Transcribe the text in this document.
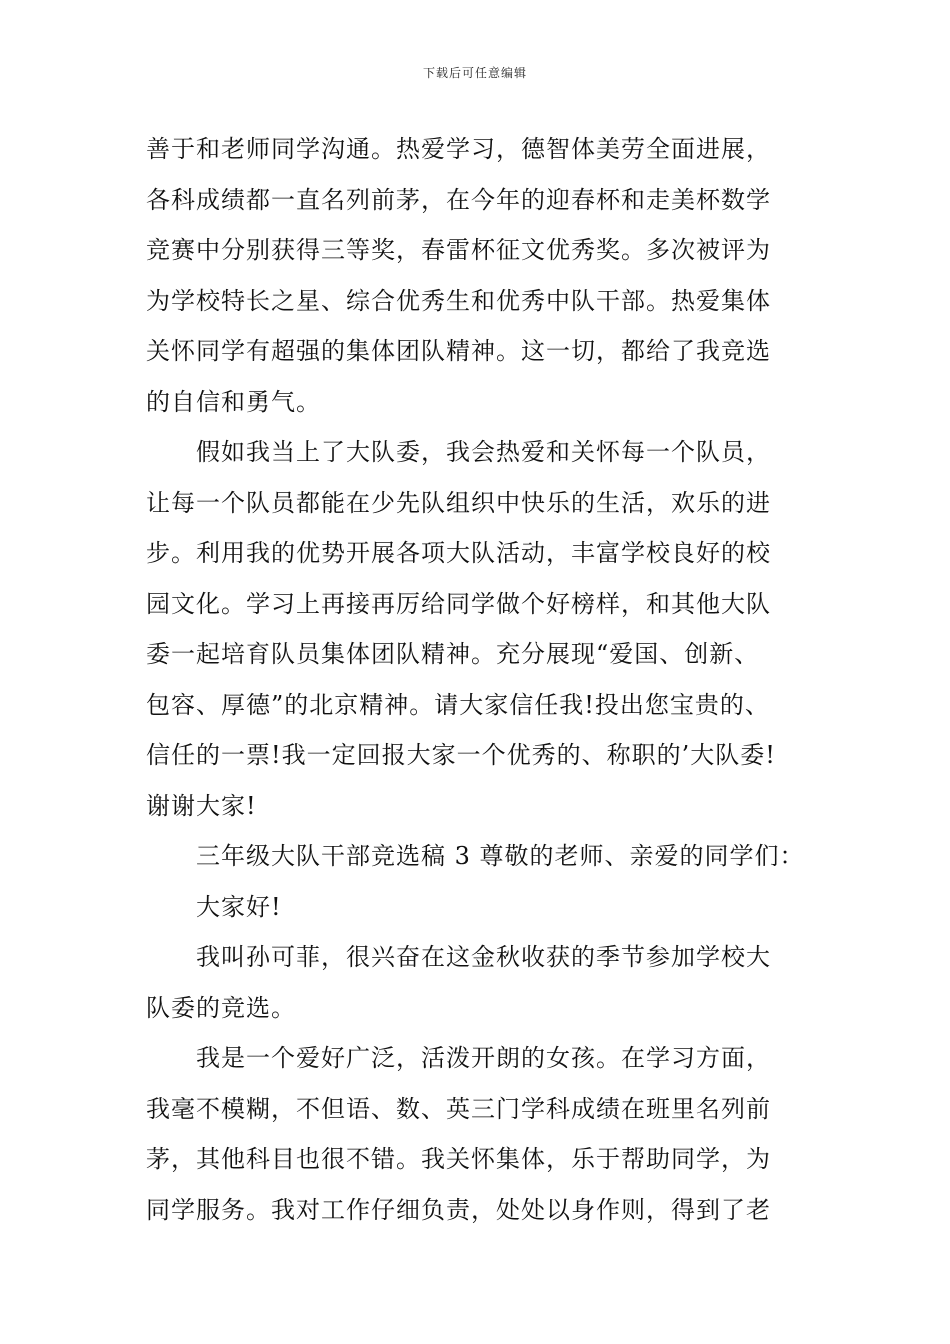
下载后可任意编辑
善于和老师同学沟通。热爱学习，德智体美劳全面进展，
各科成绩都一直名列前茅，在今年的迎春杯和走美杯数学
竞赛中分别获得三等奖，春雷杯征文优秀奖。多次被评为
为学校特长之星、综合优秀生和优秀中队干部。热爱集体
关怀同学有超强的集体团队精神。这一切，都给了我竞选
的自信和勇气。
假如我当上了大队委，我会热爱和关怀每一个队员，
让每一个队员都能在少先队组织中快乐的生活，欢乐的进
步。利用我的优势开展各项大队活动，丰富学校良好的校
园文化。学习上再接再厉给同学做个好榜样，和其他大队
委一起培育队员集体团队精神。充分展现“爱国、创新、
包容、厚德”的北京精神。请大家信任我!投出您宝贵的、
信任的一票!我一定回报大家一个优秀的、称职的’大队委!
谢谢大家!
三年级大队干部竞选稿 3 尊敬的老师、亲爱的同学们：
大家好!
我叫孙可菲，很兴奋在这金秋收获的季节参加学校大
队委的竞选。
我是一个爱好广泛，活泼开朗的女孩。在学习方面，
我毫不模糊，不但语、数、英三门学科成绩在班里名列前
茅，其他科目也很不错。我关怀集体，乐于帮助同学，为
同学服务。我对工作仔细负责，处处以身作则，得到了老
